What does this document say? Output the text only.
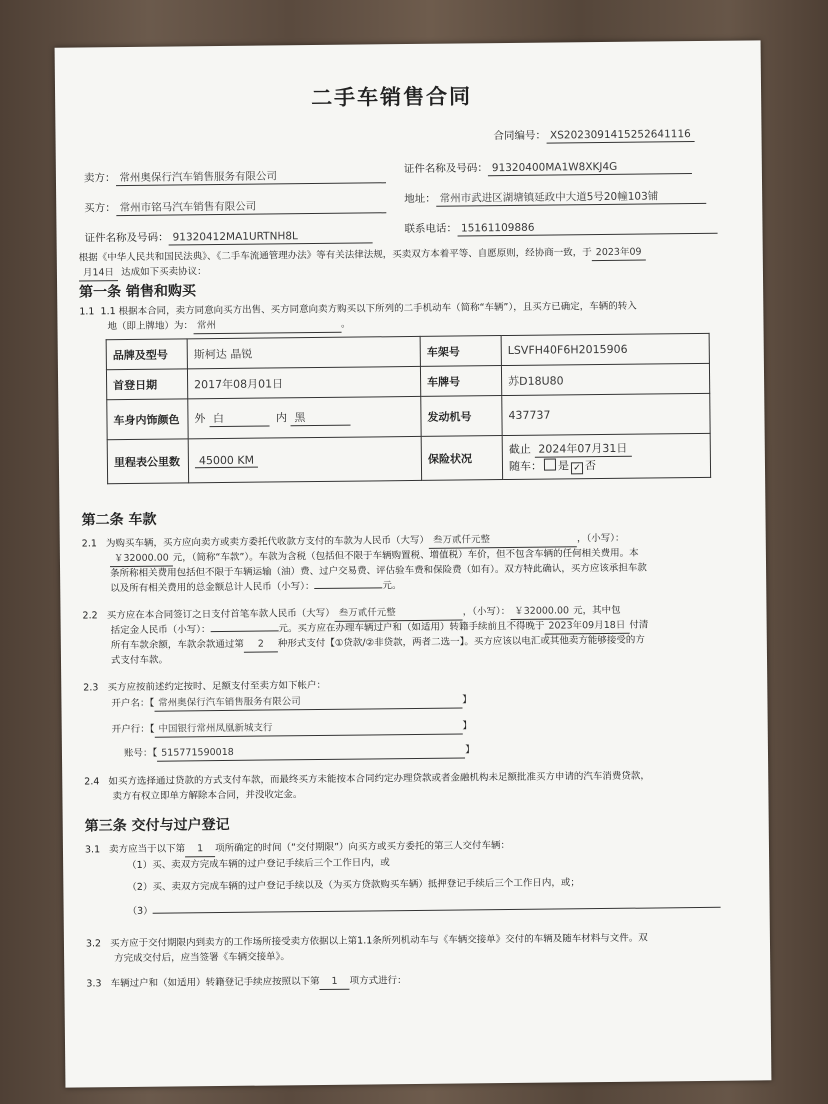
二手车销售合同
合同编号： XS2023091415252641116
卖方： 常州奥保行汽车销售服务有限公司
证件名称及号码： 91320400MA1W8XKJ4G
买方： 常州市铭马汽车销售有限公司
地址： 常州市武进区湖塘镇延政中大道5号20幢103铺
证件名称及号码： 91320412MA1URTNH8L
联系电话： 15161109886
根据《中华人民共和国民法典》、《二手车流通管理办法》等有关法律法规，买卖双方本着平等、自愿原则，经协商一致，于 2023年09
月14日 达成如下买卖协议：
第一条 销售和购买
1.1 1.1 根据本合同，卖方同意向买方出售、买方同意向卖方购买以下所列的二手机动车（简称“车辆”），且买方已确定，车辆的转入
地（即上牌地）为： 常州	。
品牌及型号	斯柯达 晶锐	车架号	LSVFH40F6H2015906
首登日期	2017年08月01日	车牌号	苏D18U80
车身内饰颜色	外 白 内 黑	发动机号	437737
里程表公里数	45000 KM	保险状况	截止 2024年07月31日
随车： 是 ✓ 否
第二条 车款
2.1 为购买车辆，买方应向卖方或卖方委托代收款方支付的车款为人民币（大写） 叁万贰仟元整	，（小写）：
￥32000.00 元，（简称“车款”）。车款为含税（包括但不限于车辆购置税、增值税）车价，但不包含车辆的任何相关费用。本
条所称相关费用包括但不限于车辆运输（油）费、过户交易费、评估验车费和保险费（如有）。双方特此确认，买方应该承担车款
以及所有相关费用的总金额总计人民币（小写）：	元。
2.2 买方应在本合同签订之日支付首笔车款人民币（大写） 叁万贰仟元整	，（小写）： ￥32000.00 元，其中包
括定金人民币（小写）：	元。买方应在办理车辆过户和（如适用）转籍手续前且不得晚于 2023年09月18日 付清
所有车款余额，车款余款通过第 2 种形式支付【①贷款/②非贷款，两者二选一】。买方应该以电汇或其他卖方能够接受的方
式支付车款。
2.3 买方应按前述约定按时、足额支付至卖方如下帐户：
开户名：【 常州奥保行汽车销售服务有限公司	】
开户行：【 中国银行常州凤凰新城支行	】
账号：【 515771590018	】
2.4 如买方选择通过贷款的方式支付车款，而最终买方未能按本合同约定办理贷款或者金融机构未足额批准买方申请的汽车消费贷款，
卖方有权立即单方解除本合同，并没收定金。
第三条 交付与过户登记
3.1 卖方应当于以下第 1 项所确定的时间（“交付期限”）向买方或买方委托的第三人交付车辆：
（1）买、卖双方完成车辆的过户登记手续后三个工作日内，或
（2）买、卖双方完成车辆的过户登记手续以及（为买方贷款购买车辆）抵押登记手续后三个工作日内，或；
（3）
3.2 买方应于交付期限内到卖方的工作场所接受卖方依据以上第1.1条所列机动车与《车辆交接单》交付的车辆及随车材料与文件。双
方完成交付后，应当签署《车辆交接单》。
3.3 车辆过户和（如适用）转籍登记手续应按照以下第 1 项方式进行：
